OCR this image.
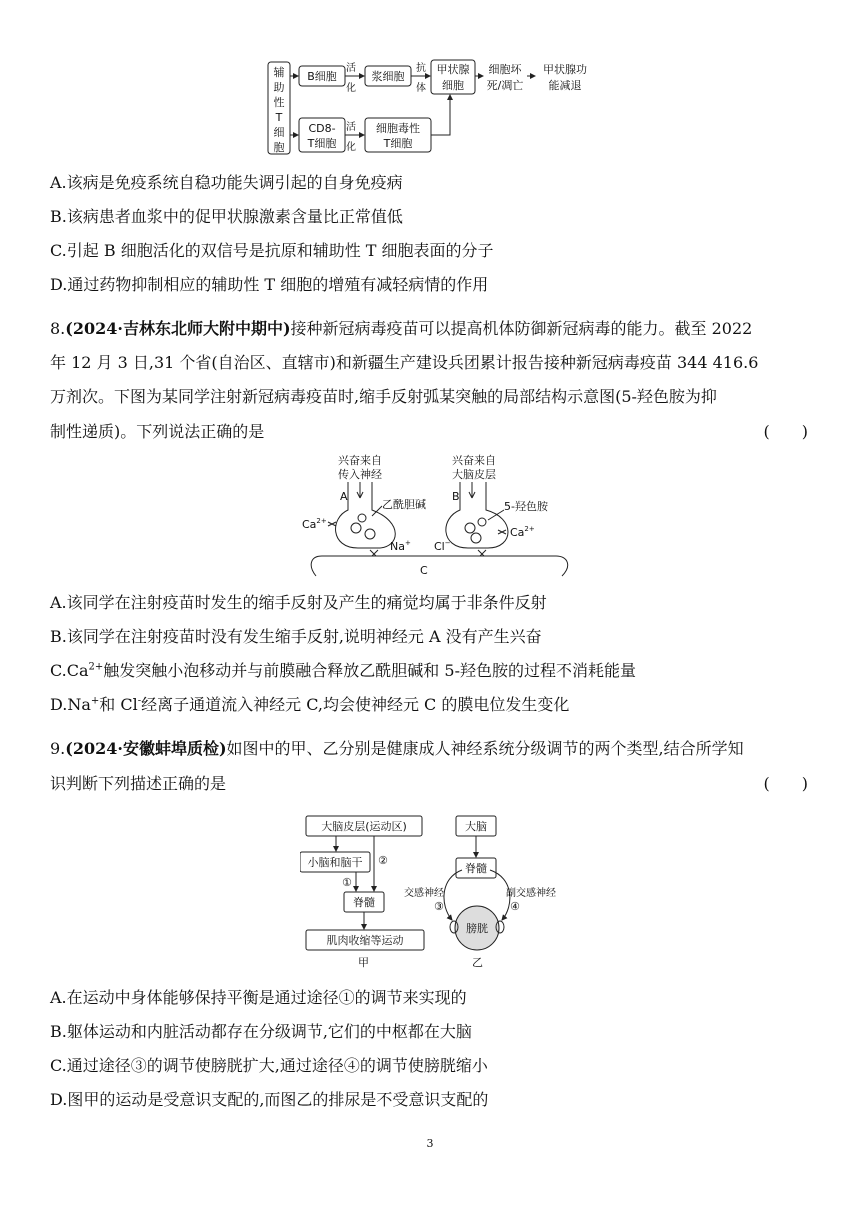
辅
助
性
T
细
胞
B细胞
活
化
浆细胞
抗
体
甲状腺
细胞
细胞坏
死/凋亡
甲状腺功
能减退
CD8-
T细胞
活
化
细胞毒性
T细胞
A.该病是免疫系统自稳功能失调引起的自身免疫病
B.该病患者血浆中的促甲状腺激素含量比正常值低
C.引起 B 细胞活化的双信号是抗原和辅助性 T 细胞表面的分子
D.通过药物抑制相应的辅助性 T 细胞的增殖有减轻病情的作用
8.(2024·吉林东北师大附中期中)接种新冠病毒疫苗可以提高机体防御新冠病毒的能力。截至 2022
年 12 月 3 日,31 个省(自治区、直辖市)和新疆生产建设兵团累计报告接种新冠病毒疫苗 344 416.6
万剂次。下图为某同学注射新冠病毒疫苗时,缩手反射弧某突触的局部结构示意图(5-羟色胺为抑
制性递质)。下列说法正确的是	(　　)
兴奋来自
传入神经
兴奋来自
大脑皮层
A	B
乙酰胆碱	5-羟色胺
$Ca^{2+}$
$Ca^{2+}$
Na+ Cl−
C
A.该同学在注射疫苗时发生的缩手反射及产生的痛觉均属于非条件反射
B.该同学在注射疫苗时没有发生缩手反射,说明神经元 A 没有产生兴奋
$C.Ca^{2+}$触发突触小泡移动并与前膜融合释放乙酰胆碱和 5-羟色胺的过程不消耗能量
D.Na+和 Cl-经离子通道流入神经元 C,均会使神经元 C 的膜电位发生变化
9.(2024·安徽蚌埠质检)如图中的甲、乙分别是健康成人神经系统分级调节的两个类型,结合所学知
识判断下列描述正确的是	(　　)
大脑皮层(运动区)
小脑和脑干
脊髓
肌肉收缩等运动
①
②
甲
大脑
脊髓
交感神经
③
副交感神经
④
膀胱
乙
A.在运动中身体能够保持平衡是通过途径①的调节来实现的
B.躯体运动和内脏活动都存在分级调节,它们的中枢都在大脑
C.通过途径③的调节使膀胱扩大,通过途径④的调节使膀胱缩小
D.图甲的运动是受意识支配的,而图乙的排尿是不受意识支配的
3
